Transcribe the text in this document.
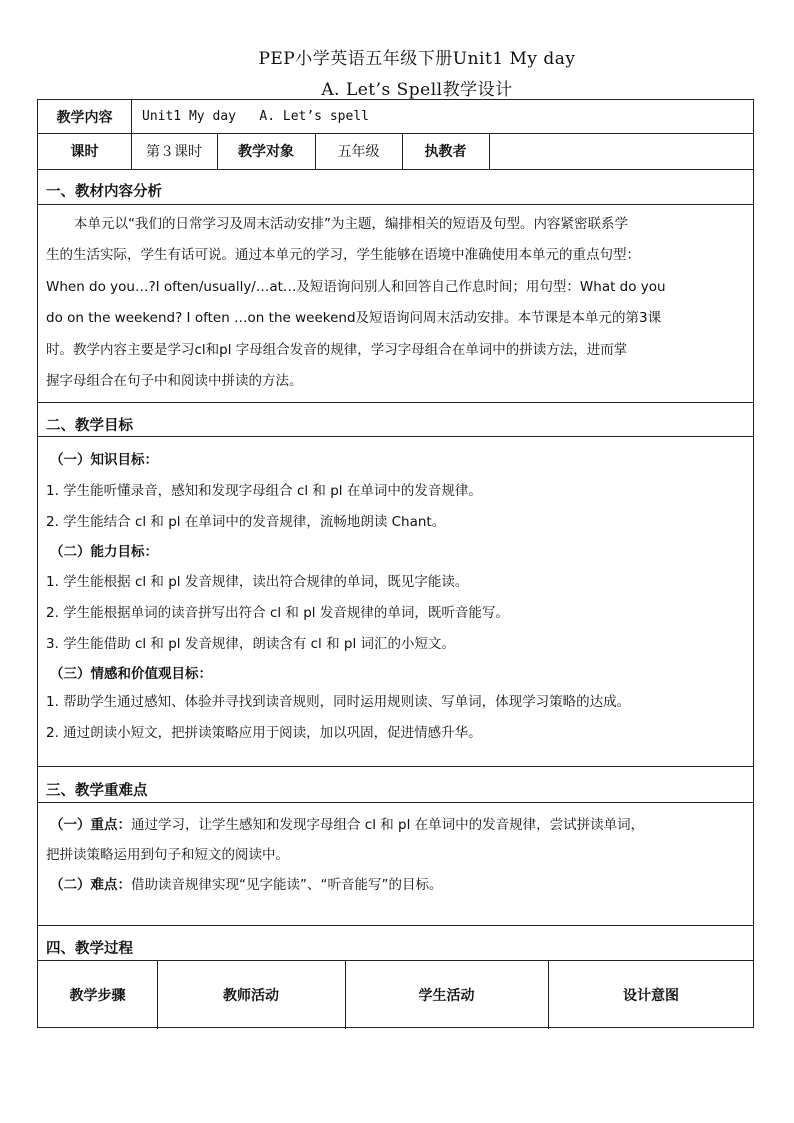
PEP小学英语五年级下册Unit1 My day
A. Let’s Spell教学设计
教学内容	Unit1 My day   A. Let’s spell
课时	第３课时	教学对象	五年级	执教者
一、教材内容分析
本单元以“我们的日常学习及周末活动安排”为主题，编排相关的短语及句型。内容紧密联系学
生的生活实际，学生有话可说。通过本单元的学习，学生能够在语境中准确使用本单元的重点句型：
When do you…?I often/usually/…at…及短语询问别人和回答自己作息时间；用句型：What do you
do on the weekend? I often …on the weekend及短语询问周末活动安排。本节课是本单元的第3课
时。教学内容主要是学习cl和pl 字母组合发音的规律，学习字母组合在单词中的拼读方法，进而掌
握字母组合在句子中和阅读中拼读的方法。
二、教学目标
（一）知识目标：
1. 学生能听懂录音，感知和发现字母组合 cl 和 pl 在单词中的发音规律。
2. 学生能结合 cl 和 pl 在单词中的发音规律，流畅地朗读 Chant。
（二）能力目标：
1. 学生能根据 cl 和 pl 发音规律，读出符合规律的单词，既见字能读。
2. 学生能根据单词的读音拼写出符合 cl 和 pl 发音规律的单词，既听音能写。
3. 学生能借助 cl 和 pl 发音规律，朗读含有 cl 和 pl 词汇的小短文。
（三）情感和价值观目标：
1. 帮助学生通过感知、体验并寻找到读音规则，同时运用规则读、写单词，体现学习策略的达成。
2. 通过朗读小短文，把拼读策略应用于阅读，加以巩固，促进情感升华。
三、教学重难点
（一）重点：通过学习，让学生感知和发现字母组合 cl 和 pl 在单词中的发音规律，尝试拼读单词，
把拼读策略运用到句子和短文的阅读中。
（二）难点：借助读音规律实现“见字能读”、“听音能写”的目标。
四、教学过程
教学步骤	教师活动	学生活动	设计意图
